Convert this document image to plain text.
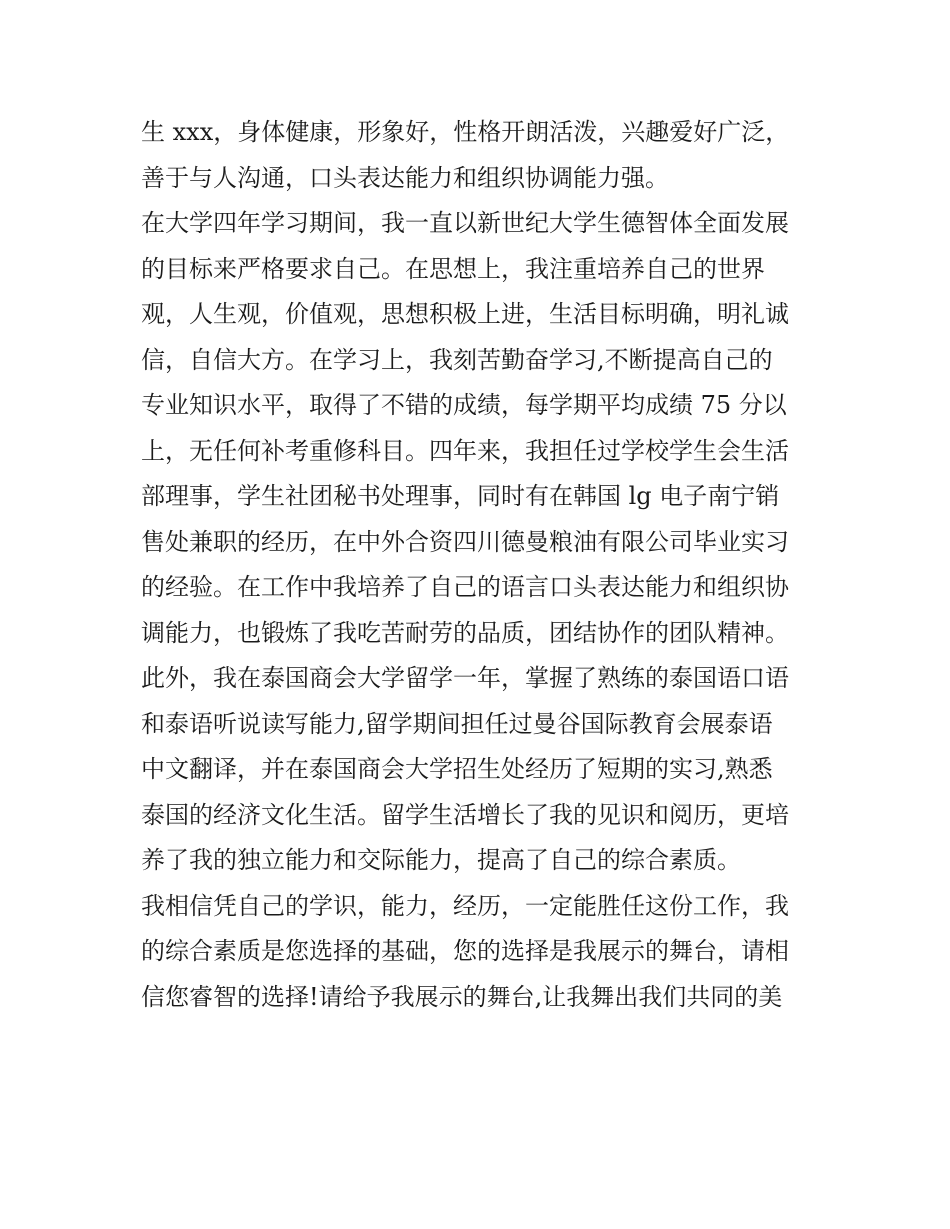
生 xxx，身体健康，形象好，性格开朗活泼，兴趣爱好广泛，
善于与人沟通，口头表达能力和组织协调能力强。
在大学四年学习期间，我一直以新世纪大学生德智体全面发展
的目标来严格要求自己。在思想上，我注重培养自己的世界
观，人生观，价值观，思想积极上进，生活目标明确，明礼诚
信，自信大方。在学习上，我刻苦勤奋学习,不断提高自己的
专业知识水平，取得了不错的成绩，每学期平均成绩 75 分以
上，无任何补考重修科目。四年来，我担任过学校学生会生活
部理事，学生社团秘书处理事，同时有在韩国 lg 电子南宁销
售处兼职的经历，在中外合资四川德曼粮油有限公司毕业实习
的经验。在工作中我培养了自己的语言口头表达能力和组织协
调能力，也锻炼了我吃苦耐劳的品质，团结协作的团队精神。
此外，我在泰国商会大学留学一年，掌握了熟练的泰国语口语
和泰语听说读写能力,留学期间担任过曼谷国际教育会展泰语
中文翻译，并在泰国商会大学招生处经历了短期的实习,熟悉
泰国的经济文化生活。留学生活增长了我的见识和阅历，更培
养了我的独立能力和交际能力，提高了自己的综合素质。
我相信凭自己的学识，能力，经历，一定能胜任这份工作，我
的综合素质是您选择的基础，您的选择是我展示的舞台，请相
信您睿智的选择!请给予我展示的舞台,让我舞出我们共同的美
